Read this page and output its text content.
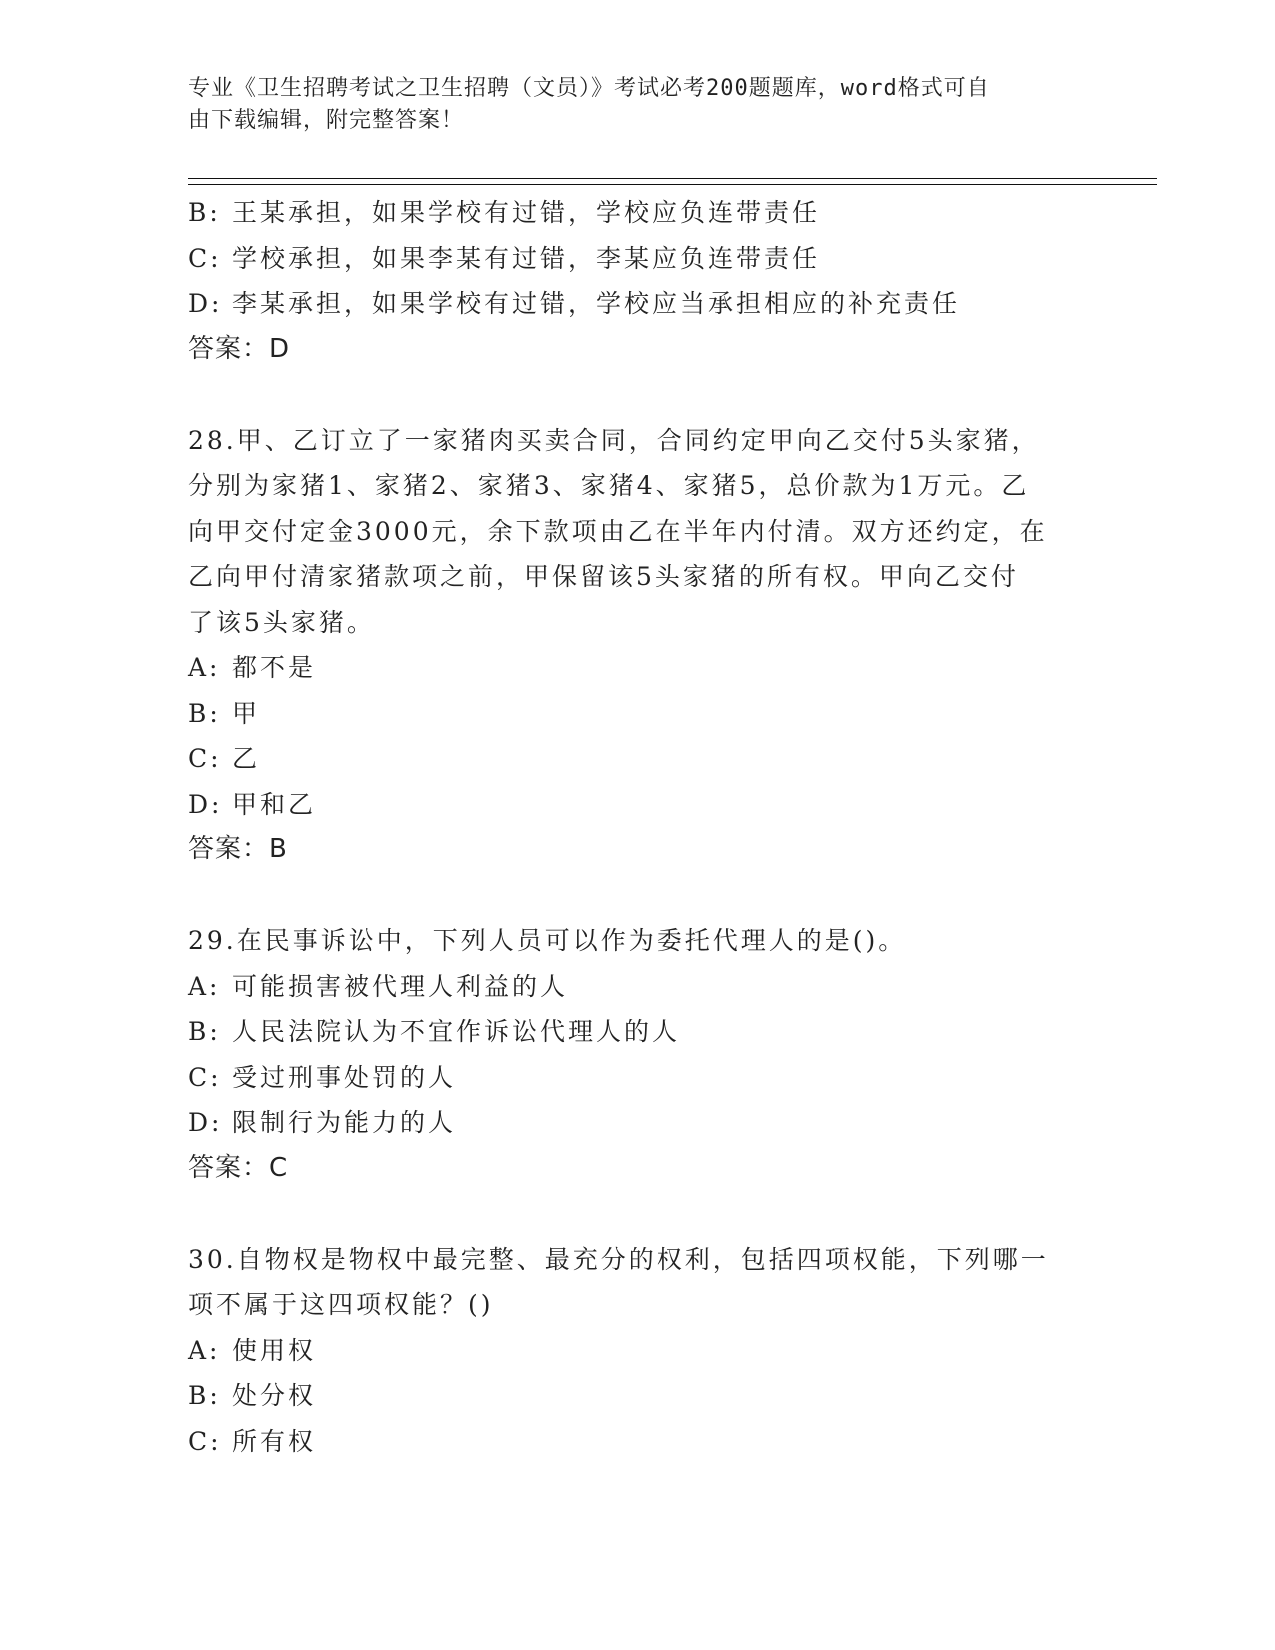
专业《卫生招聘考试之卫生招聘（文员）》考试必考200题题库，word格式可自
由下载编辑，附完整答案！
B: 王某承担，如果学校有过错，学校应负连带责任
C: 学校承担，如果李某有过错，李某应负连带责任
D: 李某承担，如果学校有过错，学校应当承担相应的补充责任
答案：D
28.甲、乙订立了一家猪肉买卖合同，合同约定甲向乙交付5头家猪，
分别为家猪1、家猪2、家猪3、家猪4、家猪5，总价款为1万元。乙
向甲交付定金3000元，余下款项由乙在半年内付清。双方还约定，在
乙向甲付清家猪款项之前，甲保留该5头家猪的所有权。甲向乙交付
了该5头家猪。
A: 都不是
B: 甲
C: 乙
D: 甲和乙
答案：B
29.在民事诉讼中，下列人员可以作为委托代理人的是()。
A: 可能损害被代理人利益的人
B: 人民法院认为不宜作诉讼代理人的人
C: 受过刑事处罚的人
D: 限制行为能力的人
答案：C
30.自物权是物权中最完整、最充分的权利，包括四项权能，下列哪一
项不属于这四项权能？()
A: 使用权
B: 处分权
C: 所有权
